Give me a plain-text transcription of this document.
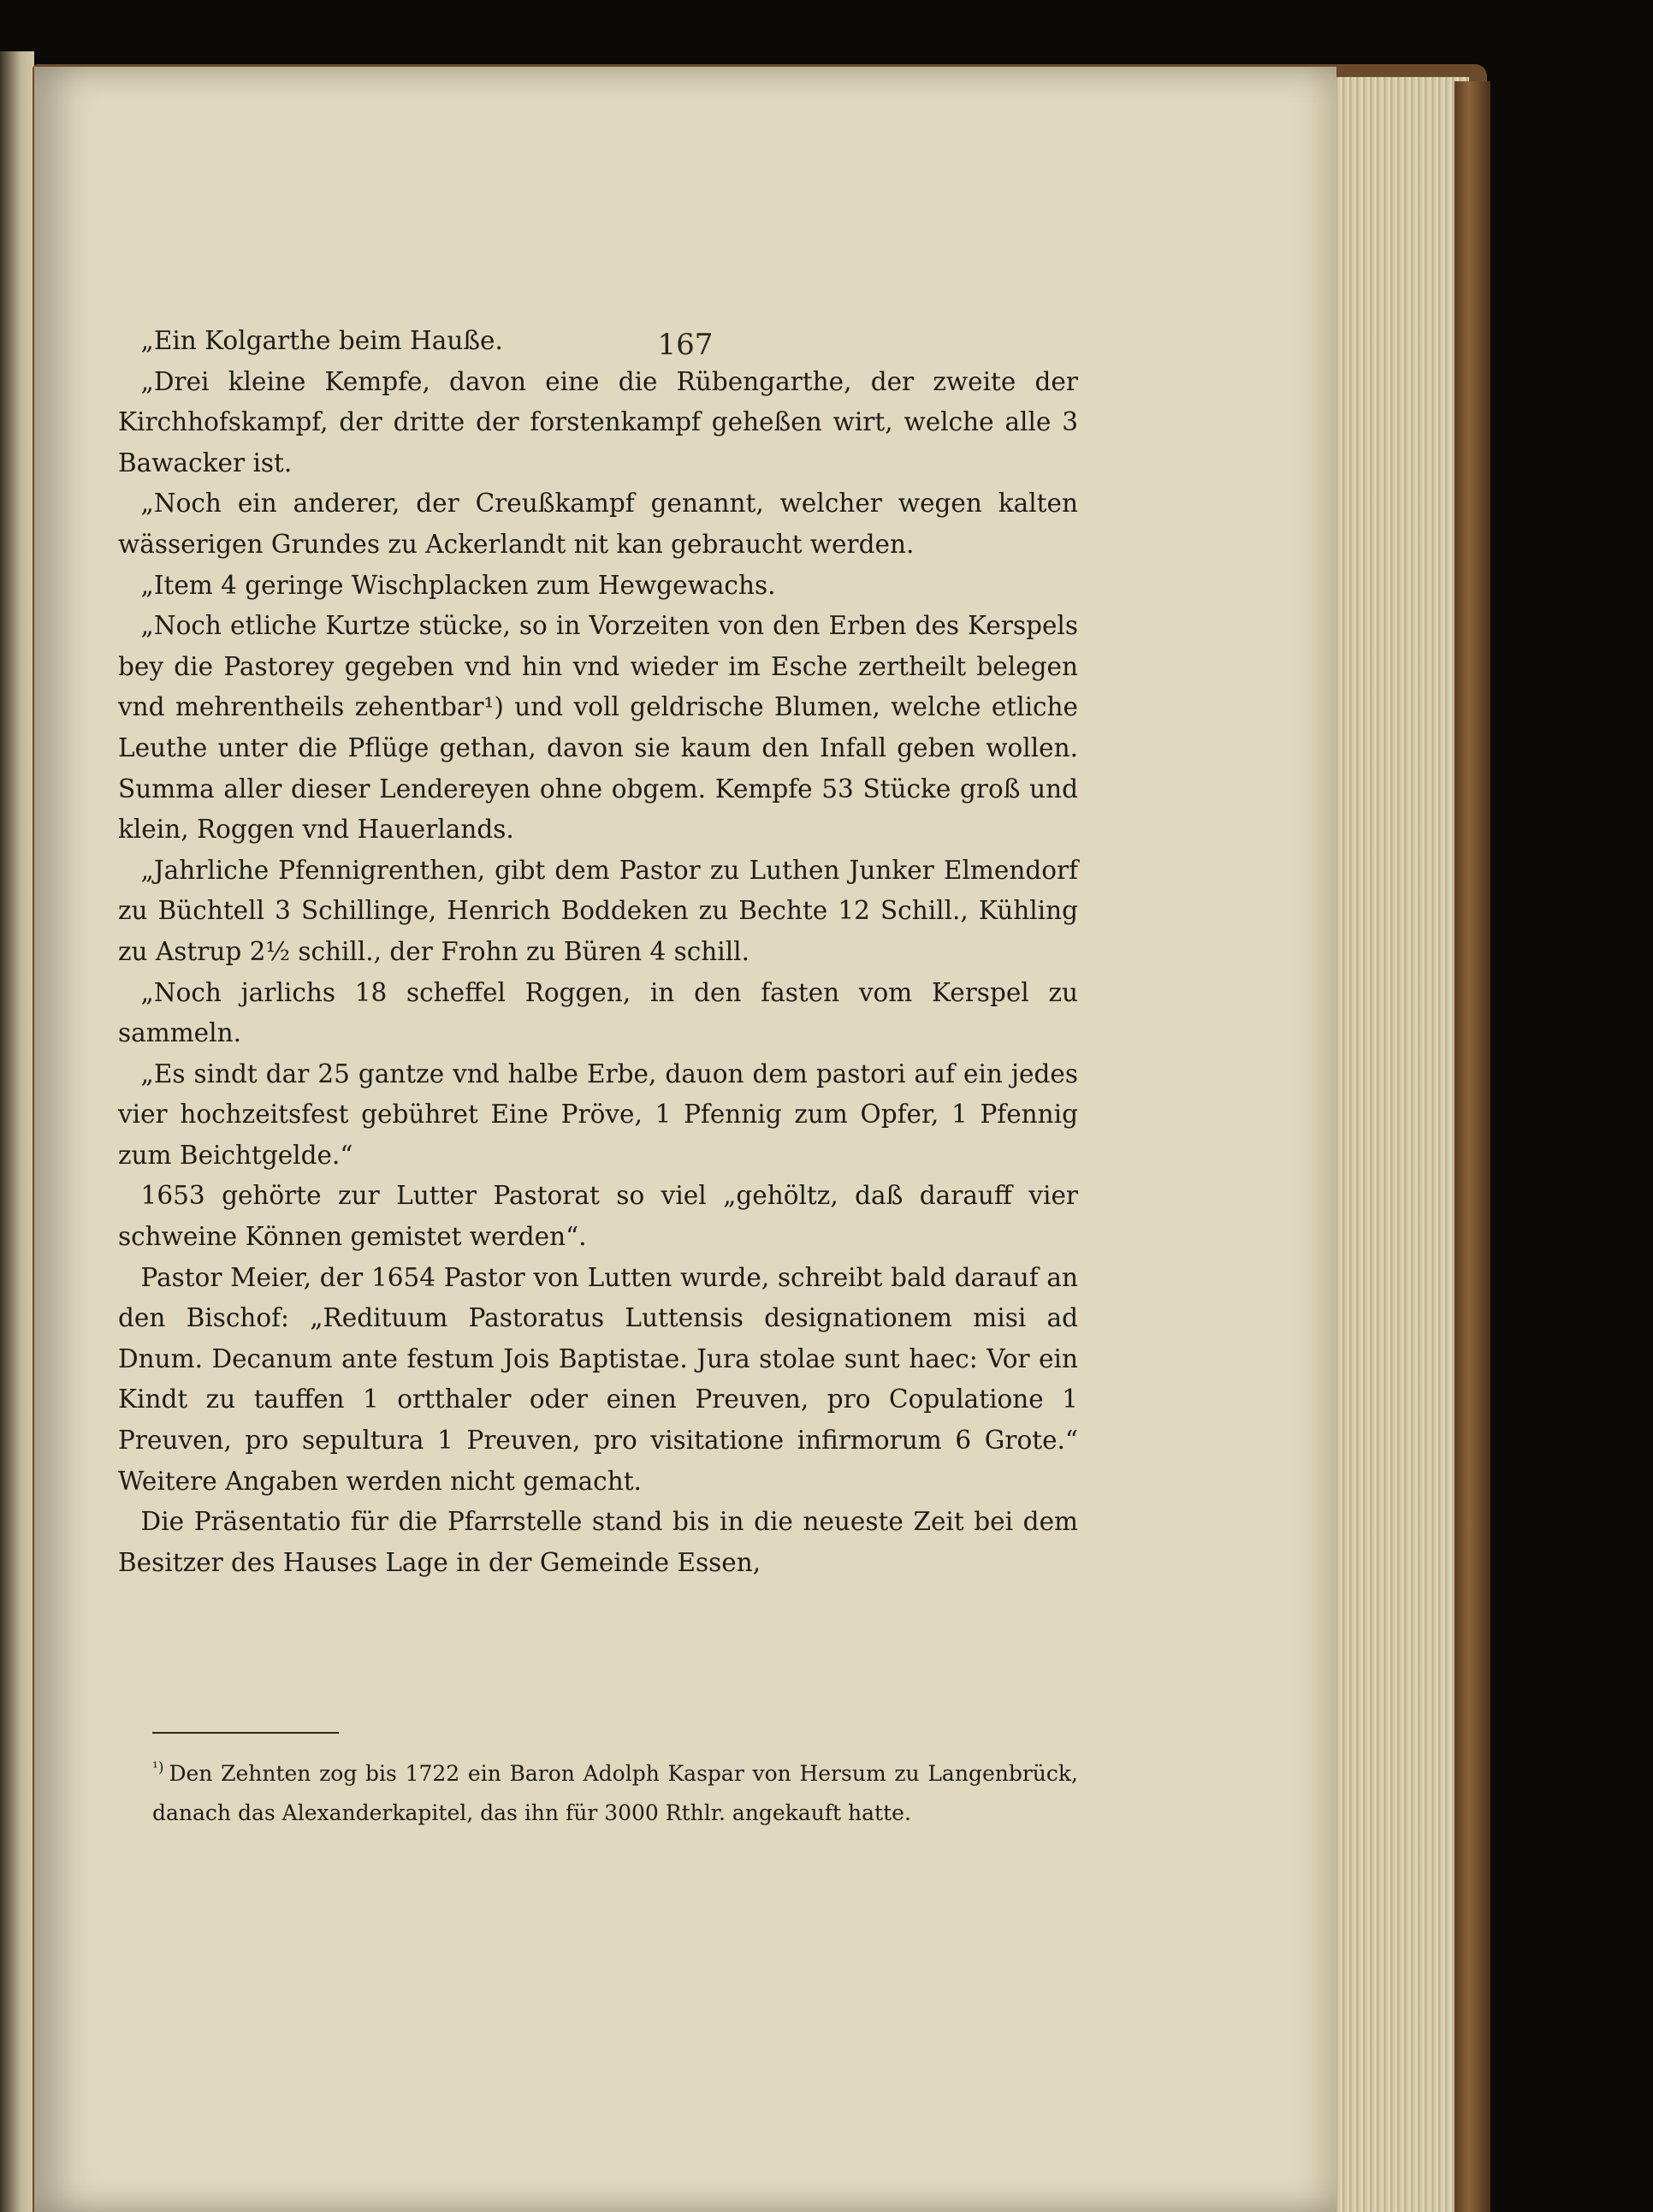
167

„Ein Kolgarthe beim Hauße.

„Drei kleine Kempfe, davon eine die Rübengarthe, der zweite der Kirchhofskampf, der dritte der forstenkampf geheßen wirt, welche alle 3 Bawacker ist.

„Noch ein anderer, der Creußkampf genannt, welcher wegen kalten wässerigen Grundes zu Ackerlandt nit kan gebraucht werden.

„Item 4 geringe Wischplacken zum Hewgewachs.

„Noch etliche Kurtze stücke, so in Vorzeiten von den Erben des Kerspels bey die Pastorey gegeben vnd hin vnd wieder im Esche zertheilt belegen vnd mehrentheils zehentbar¹) und voll geldrische Blumen, welche etliche Leuthe unter die Pflüge gethan, davon sie kaum den Infall geben wollen. Summa aller dieser Lendereyen ohne obgem. Kempfe 53 Stücke groß und klein, Roggen vnd Hauerlands.

„Jahrliche Pfennigrenthen, gibt dem Pastor zu Luthen Junker Elmendorf zu Büchtell 3 Schillinge, Henrich Boddeken zu Bechte 12 Schill., Kühling zu Astrup 2½ schill., der Frohn zu Büren 4 schill.

„Noch jarlichs 18 scheffel Roggen, in den fasten vom Kerspel zu sammeln.

„Es sindt dar 25 gantze vnd halbe Erbe, dauon dem pastori auf ein jedes vier hochzeitsfest gebühret Eine Pröve, 1 Pfennig zum Opfer, 1 Pfennig zum Beichtgelde.“

1653 gehörte zur Lutter Pastorat so viel „gehöltz, daß darauff vier schweine Können gemistet werden“.

Pastor Meier, der 1654 Pastor von Lutten wurde, schreibt bald darauf an den Bischof: „Redituum Pastoratus Luttensis designationem misi ad Dnum. Decanum ante festum Jois Baptistae. Jura stolae sunt haec: Vor ein Kindt zu tauffen 1 ortthaler oder einen Preuven, pro Copulatione 1 Preuven, pro sepultura 1 Preuven, pro visitatione infirmorum 6 Grote.“ Weitere Angaben werden nicht gemacht.

Die Präsentatio für die Pfarrstelle stand bis in die neueste Zeit bei dem Besitzer des Hauses Lage in der Gemeinde Essen,

$^{^1)}$ Den Zehnten zog bis 1722 ein Baron Adolph Kaspar von Hersum zu Langenbrück, danach das Alexanderkapitel, das ihn für 3000 Rthlr. angekauft hatte.
